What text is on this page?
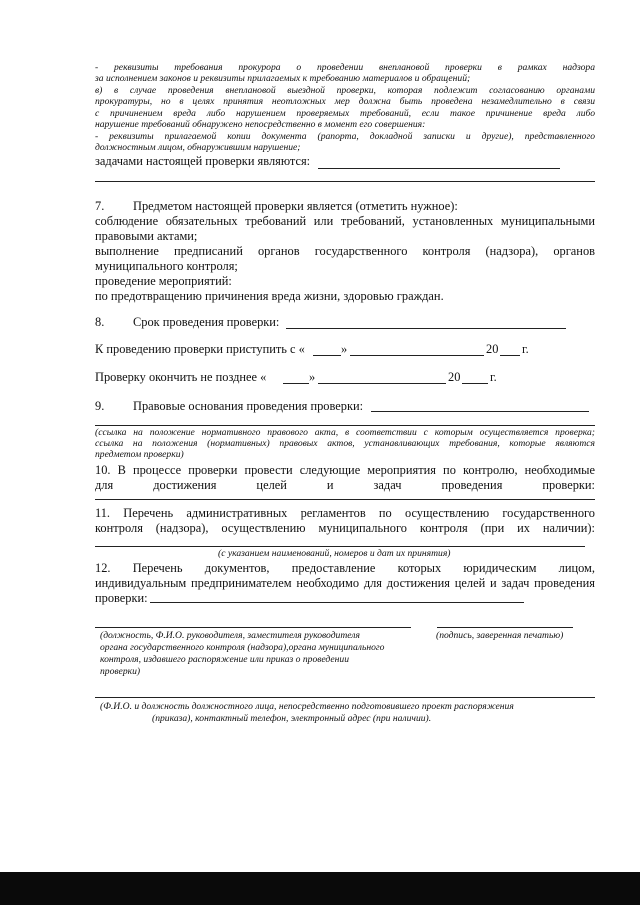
- реквизиты требования прокурора о проведении внеплановой проверки в рамках надзора
за исполнением законов и реквизиты прилагаемых к требованию материалов и обращений;
в) в случае проведения внеплановой выездной проверки, которая подлежит согласованию органами
прокуратуры, но в целях принятия неотложных мер должна быть проведена незамедлительно в связи
с причинением вреда либо нарушением проверяемых требований, если такое причинение вреда либо
нарушение требований обнаружено непосредственно в момент его совершения:
- реквизиты прилагаемой копии документа (рапорта, докладной записки и другие), представленного
должностным лицом, обнаружившим нарушение;
задачами настоящей проверки являются:
7. Предметом настоящей проверки является (отметить нужное):
соблюдение обязательных требований или требований, установленных муниципальными
правовыми актами;
выполнение предписаний органов государственного контроля (надзора), органов
муниципального контроля;
проведение мероприятий:
по предотвращению причинения вреда жизни, здоровью граждан.
8. Срок проведения проверки:
К проведению проверки приступить с «	»	20 г.
Проверку окончить не позднее «	»	20 г.
9. Правовые основания проведения проверки:
(ссылка на положение нормативного правового акта, в соответствии с которым осуществляется проверка;
ссылка на положения (нормативных) правовых актов, устанавливающих требования, которые являются
предметом проверки)
10. В процессе проверки провести следующие мероприятия по контролю, необходимые
для достижения целей и задач проведения проверки:
11. Перечень административных регламентов по осуществлению государственного
контроля (надзора), осуществлению муниципального контроля (при их наличии):
(с указанием наименований, номеров и дат их принятия)
12. Перечень документов, предоставление которых юридическим лицом,
индивидуальным предпринимателем необходимо для достижения целей и задач проведения
проверки:
(должность, Ф.И.О. руководителя, заместителя руководителя
органа государственного контроля (надзора),органа муниципального
контроля, издавшего распоряжение или приказ о проведении
проверки)
(подпись, заверенная печатью)
(Ф.И.О. и должность должностного лица, непосредственно подготовившего проект распоряжения
(приказа), контактный телефон, электронный адрес (при наличии).
